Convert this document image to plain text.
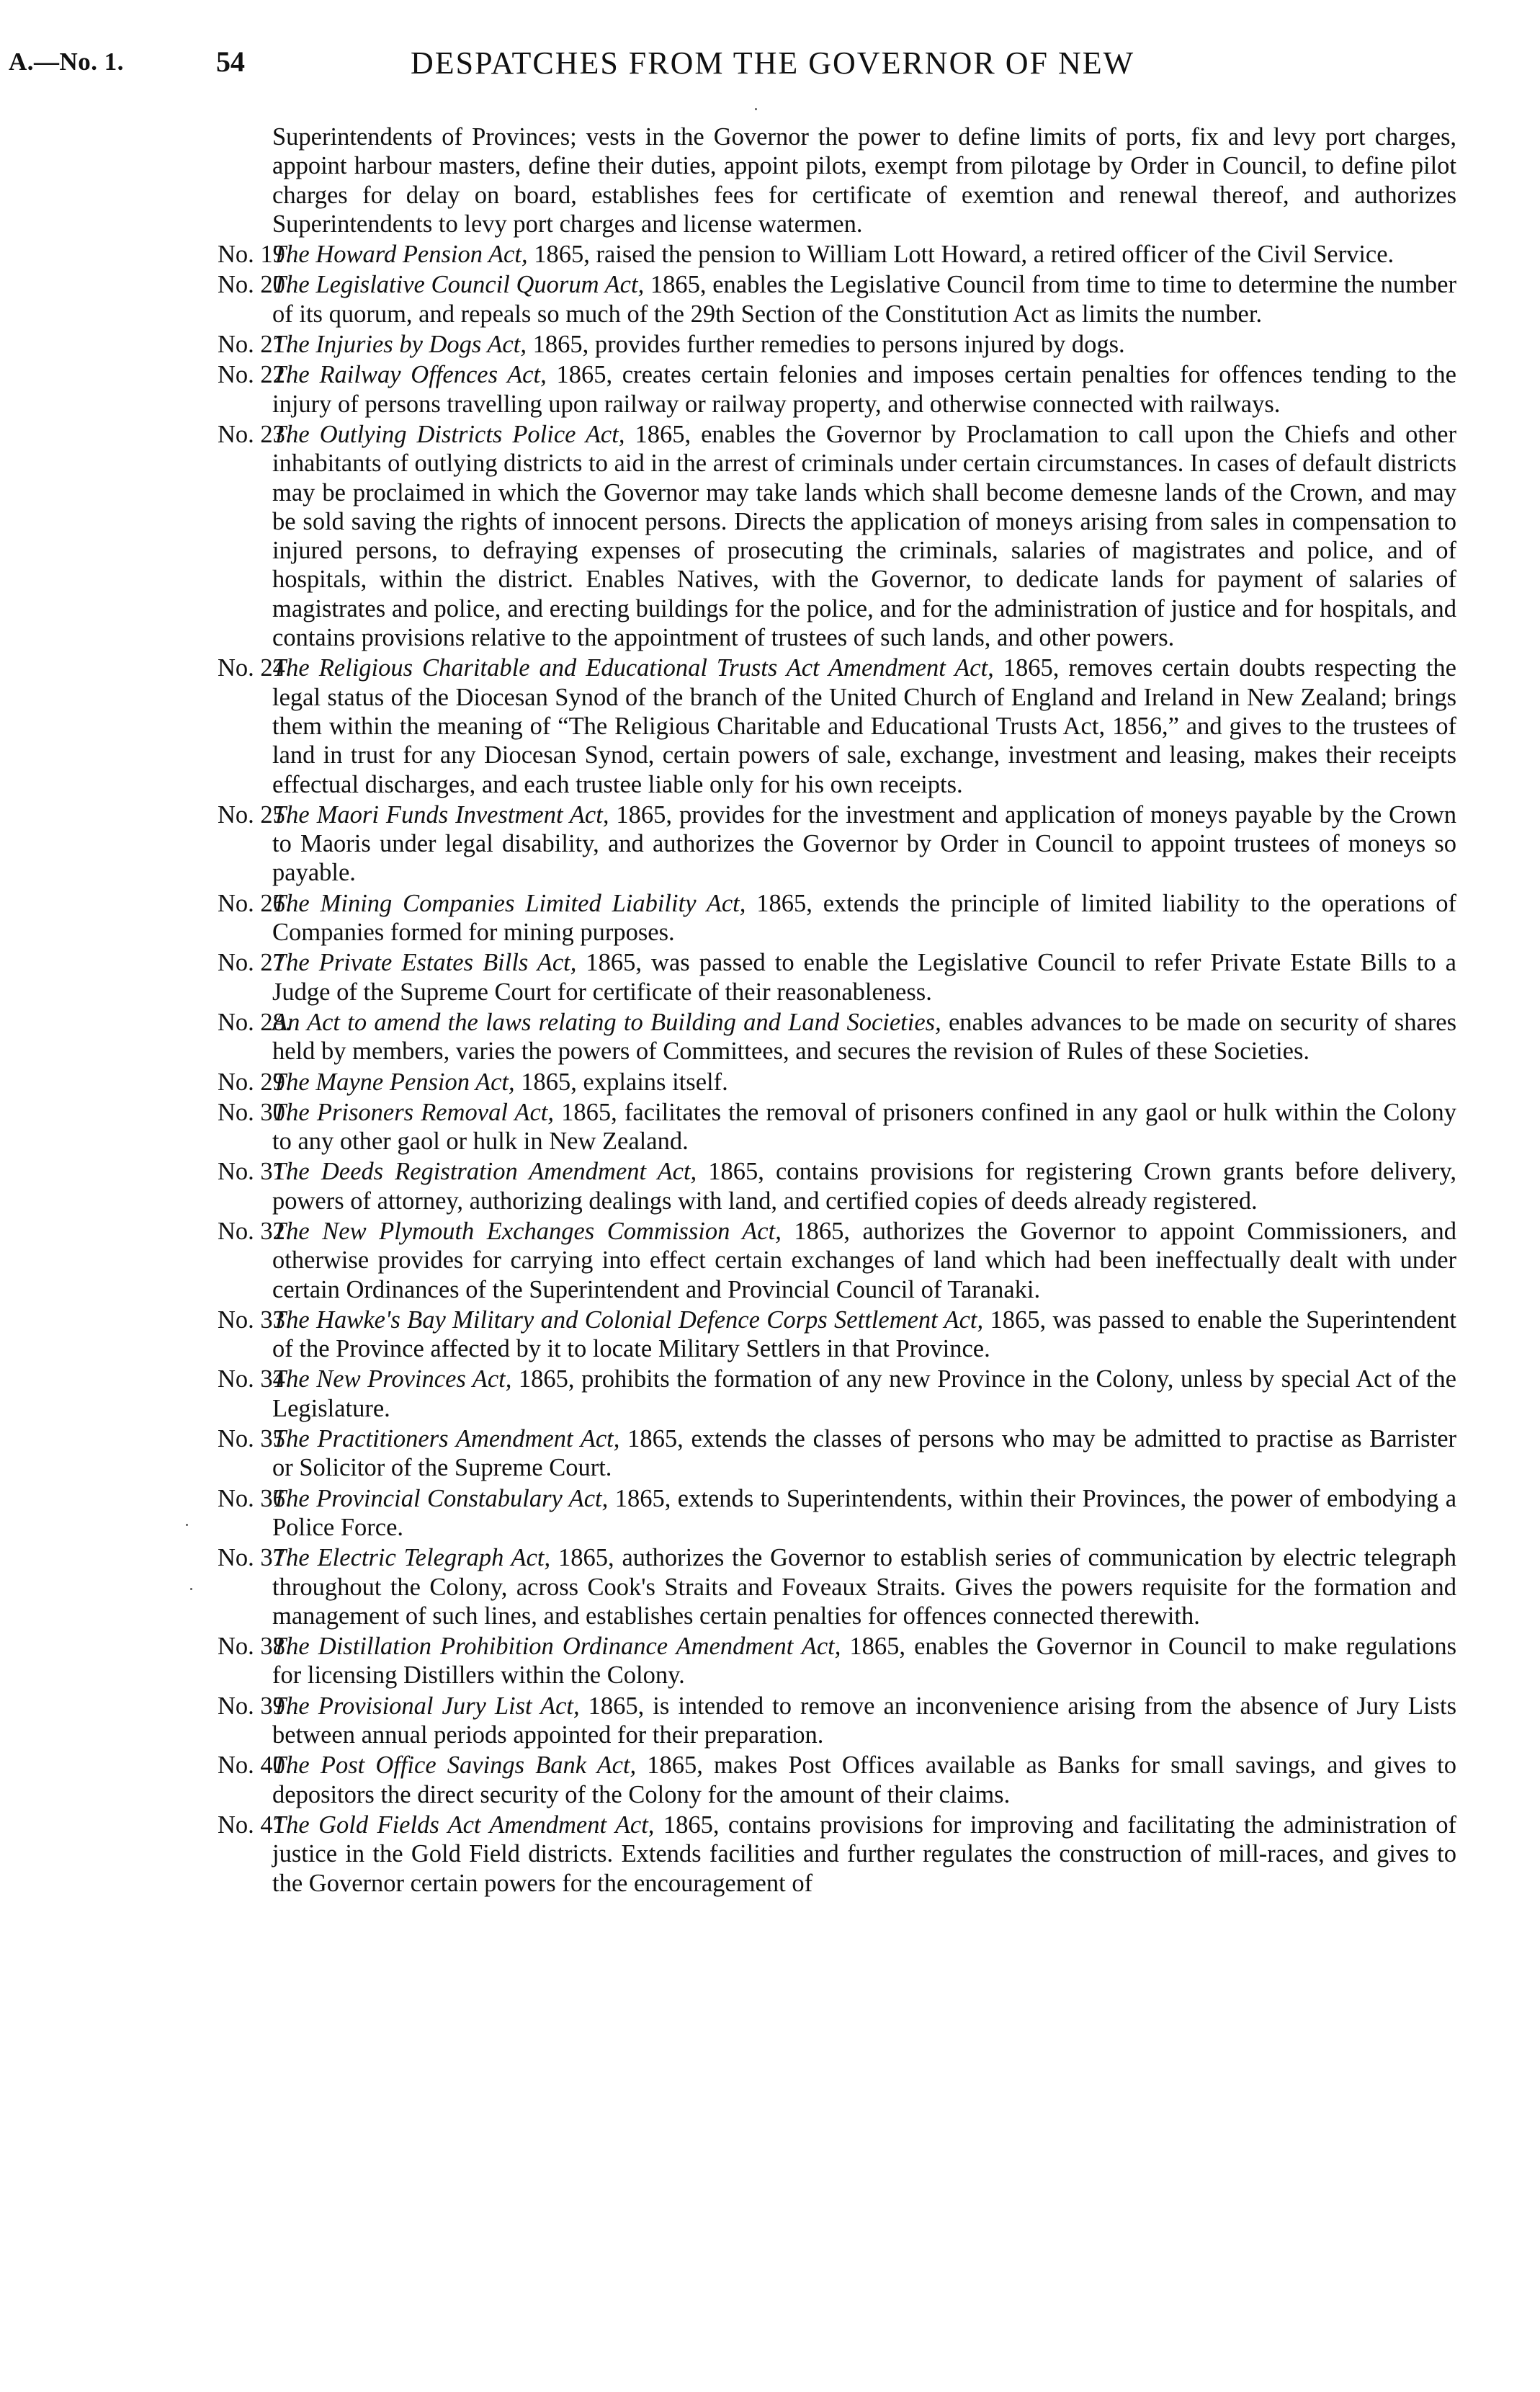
A.—No. 1.	54	DESPATCHES FROM THE GOVERNOR OF NEW

Superintendents of Provinces; vests in the Governor the power to define limits of ports, fix and levy port charges, appoint harbour masters, define their duties, appoint pilots, exempt from pilotage by Order in Council, to define pilot charges for delay on board, establishes fees for certificate of exemtion and renewal thereof, and authorizes Superintendents to levy port charges and license watermen.

No. 19.
The Howard Pension Act, 1865, raised the pension to William Lott Howard, a retired officer of the Civil Service.
No. 20.
The Legislative Council Quorum Act, 1865, enables the Legislative Council from time to time to determine the number of its quorum, and repeals so much of the 29th Section of the Constitution Act as limits the number.
No. 21.
The Injuries by Dogs Act, 1865, provides further remedies to persons injured by dogs.
No. 22.
The Railway Offences Act, 1865, creates certain felonies and imposes certain penalties for offences tending to the injury of persons travelling upon railway or railway property, and otherwise connected with railways.
No. 23.
The Outlying Districts Police Act, 1865, enables the Governor by Proclamation to call upon the Chiefs and other inhabitants of outlying districts to aid in the arrest of criminals under certain circumstances. In cases of default districts may be proclaimed in which the Governor may take lands which shall become demesne lands of the Crown, and may be sold saving the rights of innocent persons. Directs the application of moneys arising from sales in compensation to injured persons, to defraying expenses of prosecuting the criminals, salaries of magistrates and police, and of hospitals, within the district. Enables Natives, with the Governor, to dedicate lands for payment of salaries of magistrates and police, and erecting buildings for the police, and for the administration of justice and for hospitals, and contains provisions relative to the appointment of trustees of such lands, and other powers.
No. 24.
The Religious Charitable and Educational Trusts Act Amendment Act, 1865, removes certain doubts respecting the legal status of the Diocesan Synod of the branch of the United Church of England and Ireland in New Zealand; brings them within the meaning of “The Religious Charitable and Educational Trusts Act, 1856,” and gives to the trustees of land in trust for any Diocesan Synod, certain powers of sale, exchange, investment and leasing, makes their receipts effectual discharges, and each trustee liable only for his own receipts.
No. 25.
The Maori Funds Investment Act, 1865, provides for the investment and application of moneys payable by the Crown to Maoris under legal disability, and authorizes the Governor by Order in Council to appoint trustees of moneys so payable.
No. 26.
The Mining Companies Limited Liability Act, 1865, extends the principle of limited liability to the operations of Companies formed for mining purposes.
No. 27.
The Private Estates Bills Act, 1865, was passed to enable the Legislative Council to refer Private Estate Bills to a Judge of the Supreme Court for certificate of their reasonableness.
No. 28.
An Act to amend the laws relating to Building and Land Societies, enables advances to be made on security of shares held by members, varies the powers of Committees, and secures the revision of Rules of these Societies.
No. 29.
The Mayne Pension Act, 1865, explains itself.
No. 30.
The Prisoners Removal Act, 1865, facilitates the removal of prisoners confined in any gaol or hulk within the Colony to any other gaol or hulk in New Zealand.
No. 31.
The Deeds Registration Amendment Act, 1865, contains provisions for registering Crown grants before delivery, powers of attorney, authorizing dealings with land, and certified copies of deeds already registered.
No. 32.
The New Plymouth Exchanges Commission Act, 1865, authorizes the Governor to appoint Commissioners, and otherwise provides for carrying into effect certain exchanges of land which had been ineffectually dealt with under certain Ordinances of the Superintendent and Provincial Council of Taranaki.
No. 33.
The Hawke's Bay Military and Colonial Defence Corps Settlement Act, 1865, was passed to enable the Superintendent of the Province affected by it to locate Military Settlers in that Province.
No. 34.
The New Provinces Act, 1865, prohibits the formation of any new Province in the Colony, unless by special Act of the Legislature.
No. 35.
The Practitioners Amendment Act, 1865, extends the classes of persons who may be admitted to practise as Barrister or Solicitor of the Supreme Court.
No. 36.
The Provincial Constabulary Act, 1865, extends to Superintendents, within their Provinces, the power of embodying a Police Force.
No. 37.
The Electric Telegraph Act, 1865, authorizes the Governor to establish series of communication by electric telegraph throughout the Colony, across Cook's Straits and Foveaux Straits. Gives the powers requisite for the formation and management of such lines, and establishes certain penalties for offences connected therewith.
No. 38.
The Distillation Prohibition Ordinance Amendment Act, 1865, enables the Governor in Council to make regulations for licensing Distillers within the Colony.
No. 39.
The Provisional Jury List Act, 1865, is intended to remove an inconvenience arising from the absence of Jury Lists between annual periods appointed for their preparation.
No. 40.
The Post Office Savings Bank Act, 1865, makes Post Offices available as Banks for small savings, and gives to depositors the direct security of the Colony for the amount of their claims.
No. 41.
The Gold Fields Act Amendment Act, 1865, contains provisions for improving and facilitating the administration of justice in the Gold Field districts. Extends facilities and further regulates the construction of mill-races, and gives to the Governor certain powers for the encouragement of
